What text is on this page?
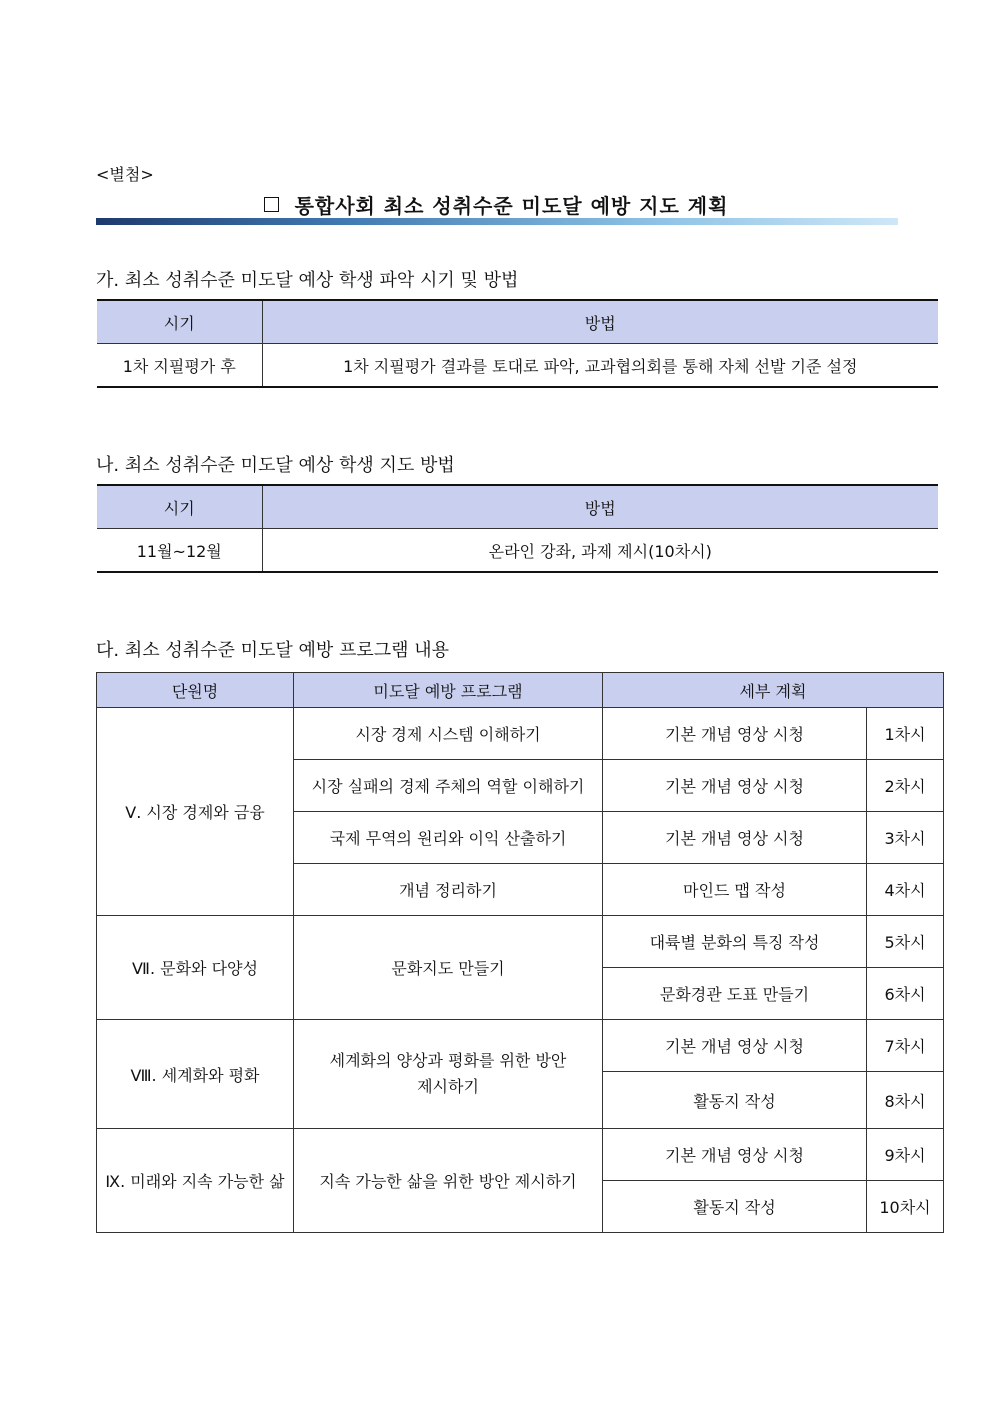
<별첨>
통합사회 최소 성취수준 미도달 예방 지도 계획
가. 최소 성취수준 미도달 예상 학생 파악 시기 및 방법
시기	방법
1차 지필평가 후	1차 지필평가 결과를 토대로 파악, 교과협의회를 통해 자체 선발 기준 설정
나. 최소 성취수준 미도달 예상 학생 지도 방법
시기	방법
11월~12월	온라인 강좌, 과제 제시(10차시)
다. 최소 성취수준 미도달 예방 프로그램 내용
단원명	미도달 예방 프로그램	세부 계획	
Ⅴ. 시장 경제와 금융	시장 경제 시스템 이해하기	기본 개념 영상 시청	1차시
	시장 실패의 경제 주체의 역할 이해하기	기본 개념 영상 시청	2차시
	국제 무역의 원리와 이익 산출하기	기본 개념 영상 시청	3차시
	개념 정리하기	마인드 맵 작성	4차시
Ⅶ. 문화와 다양성	문화지도 만들기	대륙별 분화의 특징 작성	5차시
		문화경관 도표 만들기	6차시
Ⅷ. 세계화와 평화	세계화의 양상과 평화를 위한 방안 제시하기	기본 개념 영상 시청	7차시
		활동지 작성	8차시
Ⅸ. 미래와 지속 가능한 삶	지속 가능한 삶을 위한 방안 제시하기	기본 개념 영상 시청	9차시
		활동지 작성	10차시
